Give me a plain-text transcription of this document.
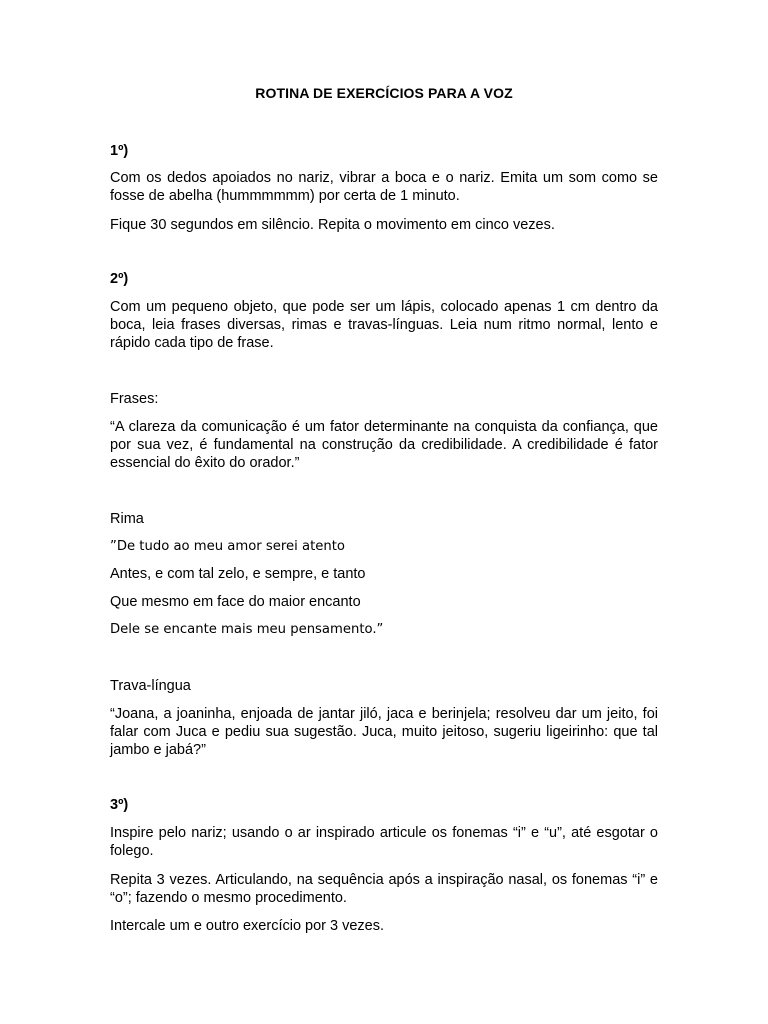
ROTINA DE EXERCÍCIOS PARA A VOZ
1º)
Com os dedos apoiados no nariz, vibrar a boca e o nariz. Emita um som como se fosse de abelha (hummmmmm) por certa de 1 minuto.
Fique 30 segundos em silêncio. Repita o movimento em cinco vezes.
2º)
Com um pequeno objeto, que pode ser um lápis, colocado apenas 1 cm dentro da boca, leia frases diversas, rimas e travas-línguas. Leia num ritmo normal, lento e rápido cada tipo de frase.
Frases:
“A clareza da comunicação é um fator determinante na conquista da confiança, que por sua vez, é fundamental na construção da credibilidade. A credibilidade é fator essencial do êxito do orador.”
Rima
”De tudo ao meu amor serei atento
Antes, e com tal zelo, e sempre, e tanto
Que mesmo em face do maior encanto
Dele se encante mais meu pensamento.”
Trava-língua
“Joana, a joaninha, enjoada de jantar jiló, jaca e berinjela; resolveu dar um jeito, foi falar com Juca e pediu sua sugestão. Juca, muito jeitoso, sugeriu ligeirinho: que tal jambo e jabá?”
3º)
Inspire pelo nariz; usando o ar inspirado articule os fonemas “i” e “u”, até esgotar o folego.
Repita 3 vezes. Articulando, na sequência após a inspiração nasal, os fonemas “i” e “o”; fazendo o mesmo procedimento.
Intercale um e outro exercício por 3 vezes.
